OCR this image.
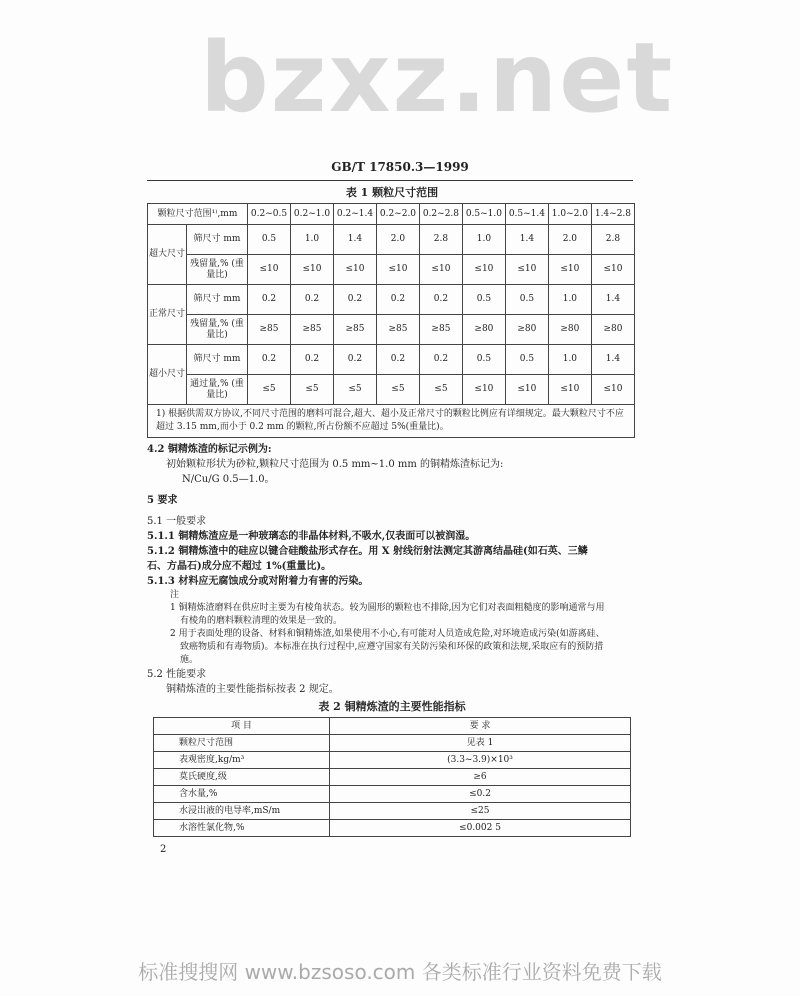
bzxz.net
GB/T 17850.3—1999
表 1 颗粒尺寸范围
颗粒尺寸范围¹⁾,mm		0.2~0.5	0.2~1.0	0.2~1.4	0.2~2.0	0.2~2.8	0.5~1.0	0.5~1.4	1.0~2.0	1.4~2.8
超大尺寸	筛尺寸 mm	0.5	1.0	1.4	2.0	2.8	1.0	1.4	2.0	2.8
	残留量,% (重量比)	≤10	≤10	≤10	≤10	≤10	≤10	≤10	≤10	≤10
正常尺寸	筛尺寸 mm	0.2	0.2	0.2	0.2	0.2	0.5	0.5	1.0	1.4
	残留量,% (重量比)	≥85	≥85	≥85	≥85	≥85	≥80	≥80	≥80	≥80
超小尺寸	筛尺寸 mm	0.2	0.2	0.2	0.2	0.2	0.5	0.5	1.0	1.4
	通过量,% (重量比)	≤5	≤5	≤5	≤5	≤5	≤10	≤10	≤10	≤10
1) 根据供需双方协议,不同尺寸范围的磨料可混合,超大、超小及正常尺寸的颗粒比例应有详细规定。最大颗粒尺寸不应超过 3.15 mm,而小于 0.2 mm 的颗粒,所占份额不应超过 5%(重量比)。										
4.2 铜精炼渣的标记示例为:
初始颗粒形状为砂粒,颗粒尺寸范围为 0.5 mm~1.0 mm 的铜精炼渣标记为:
N/Cu/G 0.5—1.0。
5 要求
5.1 一般要求
5.1.1 铜精炼渣应是一种玻璃态的非晶体材料,不吸水,仅表面可以被润湿。
5.1.2 铜精炼渣中的硅应以键合硅酸盐形式存在。用 X 射线衍射法测定其游离结晶硅(如石英、三鳞
石、方晶石)成分应不超过 1%(重量比)。
5.1.3 材料应无腐蚀成分或对附着力有害的污染。
注
1 铜精炼渣磨料在供应时主要为有棱角状态。较为圆形的颗粒也不排除,因为它们对表面粗糙度的影响通常与用
有棱角的磨料颗粒清理的效果是一致的。
2 用于表面处理的设备、材料和铜精炼渣,如果使用不小心,有可能对人员造成危险,对环境造成污染(如游离硅、
致癌物质和有毒物质)。本标准在执行过程中,应遵守国家有关防污染和环保的政策和法规,采取应有的预防措
施。
5.2 性能要求
铜精炼渣的主要性能指标按表 2 规定。
表 2 铜精炼渣的主要性能指标
项 目	要 求
颗粒尺寸范围	见表 1
表观密度,kg/m³	(3.3~3.9)×10³
莫氏硬度,级	≥6
含水量,%	≤0.2
水浸出液的电导率,mS/m	≤25
水溶性氯化物,%	≤0.002 5
2
标准搜搜网 www.bzsoso.com 各类标准行业资料免费下载
